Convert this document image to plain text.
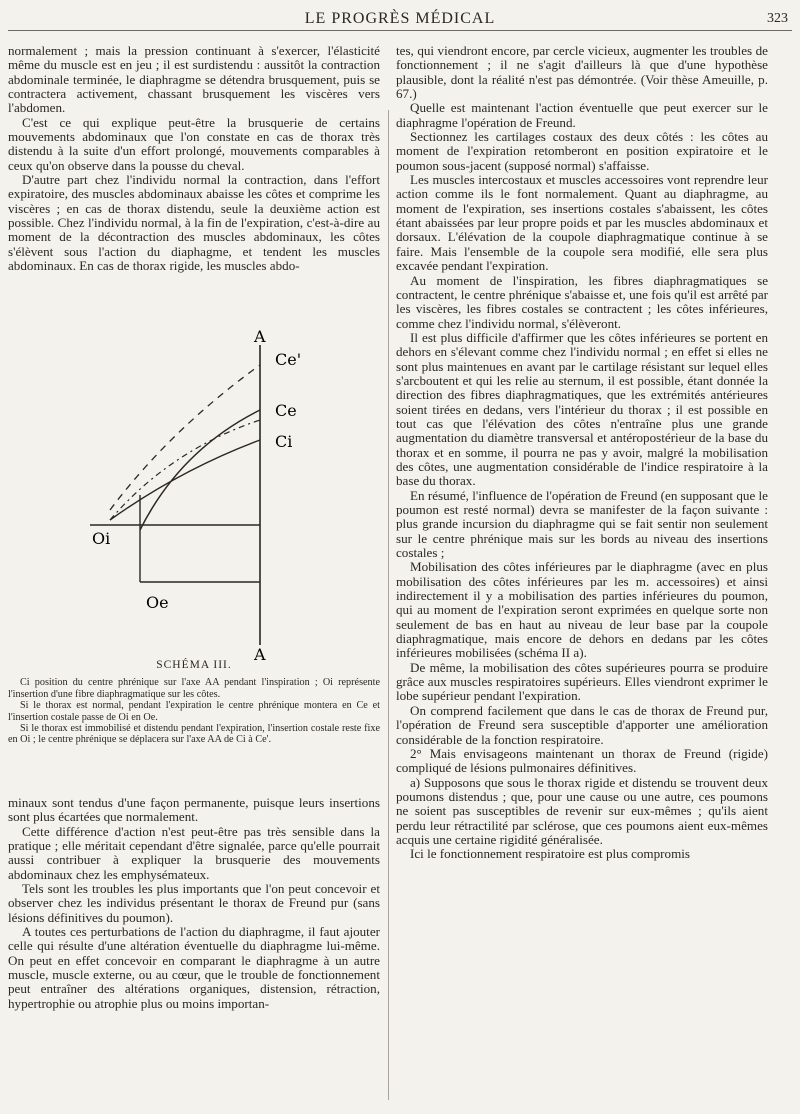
LE PROGRÈS MÉDICAL	323

normalement ; mais la pression continuant à s'exercer, l'élasticité même du muscle est en jeu ; il est surdistendu : aussitôt la contraction abdominale terminée, le diaphragme se détendra brusquement, puis se contractera activement, chassant brusquement les viscères vers l'abdomen.

C'est ce qui explique peut-être la brusquerie de certains mouvements abdominaux que l'on constate en cas de thorax très distendu à la suite d'un effort prolongé, mouvements comparables à ceux qu'on observe dans la pousse du cheval.

D'autre part chez l'individu normal la contraction, dans l'effort expiratoire, des muscles abdominaux abaisse les côtes et comprime les viscères ; en cas de thorax distendu, seule la deuxième action est possible. Chez l'individu normal, à la fin de l'expiration, c'est-à-dire au moment de la décontraction des muscles abdominaux, les côtes s'élèvent sous l'action du diaphagme, et tendent les muscles abdominaux. En cas de thorax rigide, les muscles abdo-

A
A
Ce'
Ce
Ci
Oi
Oe
SCHÉMA III.

Ci position du centre phrénique sur l'axe AA pendant l'inspiration ; Oi représente l'insertion d'une fibre diaphragmatique sur les côtes.

Si le thorax est normal, pendant l'expiration le centre phrénique montera en Ce et l'insertion costale passe de Oi en Oe.

Si le thorax est immobilisé et distendu pendant l'expiration, l'insertion costale reste fixe en Oi ; le centre phrénique se déplacera sur l'axe AA de Ci à Ce'.

minaux sont tendus d'une façon permanente, puisque leurs insertions sont plus écartées que normalement.

Cette différence d'action n'est peut-être pas très sensible dans la pratique ; elle méritait cependant d'être signalée, parce qu'elle pourrait aussi contribuer à expliquer la brusquerie des mouvements abdominaux chez les emphysémateux.

Tels sont les troubles les plus importants que l'on peut concevoir et observer chez les individus présentant le thorax de Freund pur (sans lésions définitives du poumon).

A toutes ces perturbations de l'action du diaphragme, il faut ajouter celle qui résulte d'une altération éventuelle du diaphragme lui-même. On peut en effet concevoir en comparant le diaphragme à un autre muscle, muscle externe, ou au cœur, que le trouble de fonctionnement peut entraîner des altérations organiques, distension, rétraction, hypertrophie ou atrophie plus ou moins importan-

tes, qui viendront encore, par cercle vicieux, augmenter les troubles de fonctionnement ; il ne s'agit d'ailleurs là que d'une hypothèse plausible, dont la réalité n'est pas démontrée. (Voir thèse Ameuille, p. 67.)

Quelle est maintenant l'action éventuelle que peut exercer sur le diaphragme l'opération de Freund.

Sectionnez les cartilages costaux des deux côtés : les côtes au moment de l'expiration retomberont en position expiratoire et le poumon sous-jacent (supposé normal) s'affaisse.

Les muscles intercostaux et muscles accessoires vont reprendre leur action comme ils le font normalement. Quant au diaphragme, au moment de l'expiration, ses insertions costales s'abaissent, les côtes étant abaissées par leur propre poids et par les muscles abdominaux et dorsaux. L'élévation de la coupole diaphragmatique continue à se faire. Mais l'ensemble de la coupole sera modifié, elle sera plus excavée pendant l'expiration.

Au moment de l'inspiration, les fibres diaphragmatiques se contractent, le centre phrénique s'abaisse et, une fois qu'il est arrêté par les viscères, les fibres costales se contractent ; les côtes inférieures, comme chez l'individu normal, s'élèveront.

Il est plus difficile d'affirmer que les côtes inférieures se portent en dehors en s'élevant comme chez l'individu normal ; en effet si elles ne sont plus maintenues en avant par le cartilage résistant sur lequel elles s'arcboutent et qui les relie au sternum, il est possible, étant donnée la direction des fibres diaphragmatiques, que les extrémités antérieures soient tirées en dedans, vers l'intérieur du thorax ; il est possible en tout cas que l'élévation des côtes n'entraîne plus une grande augmentation du diamètre transversal et antéropostérieur de la base du thorax et en somme, il pourra ne pas y avoir, malgré la mobilisation des côtes, une augmentation considérable de l'indice respiratoire à la base du thorax.

En résumé, l'influence de l'opération de Freund (en supposant que le poumon est resté normal) devra se manifester de la façon suivante : plus grande incursion du diaphragme qui se fait sentir non seulement sur le centre phrénique mais sur les bords au niveau des insertions costales ;

Mobilisation des côtes inférieures par le diaphragme (avec en plus mobilisation des côtes inférieures par les m. accessoires) et ainsi indirectement il y a mobilisation des parties inférieures du poumon, qui au moment de l'expiration seront exprimées en quelque sorte non seulement de bas en haut au niveau de leur base par la coupole diaphragmatique, mais encore de dehors en dedans par les côtes inférieures mobilisées (schéma II a).

De même, la mobilisation des côtes supérieures pourra se produire grâce aux muscles respiratoires supérieurs. Elles viendront exprimer le lobe supérieur pendant l'expiration.

On comprend facilement que dans le cas de thorax de Freund pur, l'opération de Freund sera susceptible d'apporter une amélioration considérable de la fonction respiratoire.

2° Mais envisageons maintenant un thorax de Freund (rigide) compliqué de lésions pulmonaires définitives.

a) Supposons que sous le thorax rigide et distendu se trouvent deux poumons distendus ; que, pour une cause ou une autre, ces poumons ne soient pas susceptibles de revenir sur eux-mêmes ; qu'ils aient perdu leur rétractilité par sclérose, que ces poumons aient eux-mêmes acquis une certaine rigidité généralisée.

Ici le fonctionnement respiratoire est plus compromis
